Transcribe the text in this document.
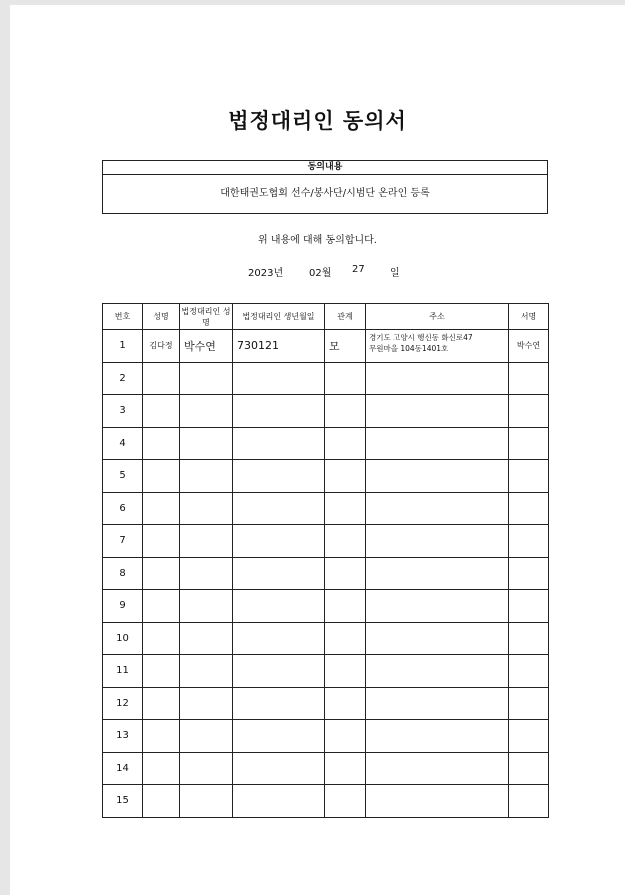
법정대리인 동의서
동의내용
대한태권도협회 선수/봉사단/시범단 온라인 등록
위 내용에 대해 동의합니다.
2023년	02월 27	일
번호	성명	법정대리인 성명	법정대리인 생년월일	관계	주소	서명
1	김다정	박수연	730121	모	경기도 고양시 행신동 화신로47
무원마을 104동1401호	박수연
2					

3					

4					

5					

6					

7					

8					

9					

10					

11					

12					

13					

14					

15					
